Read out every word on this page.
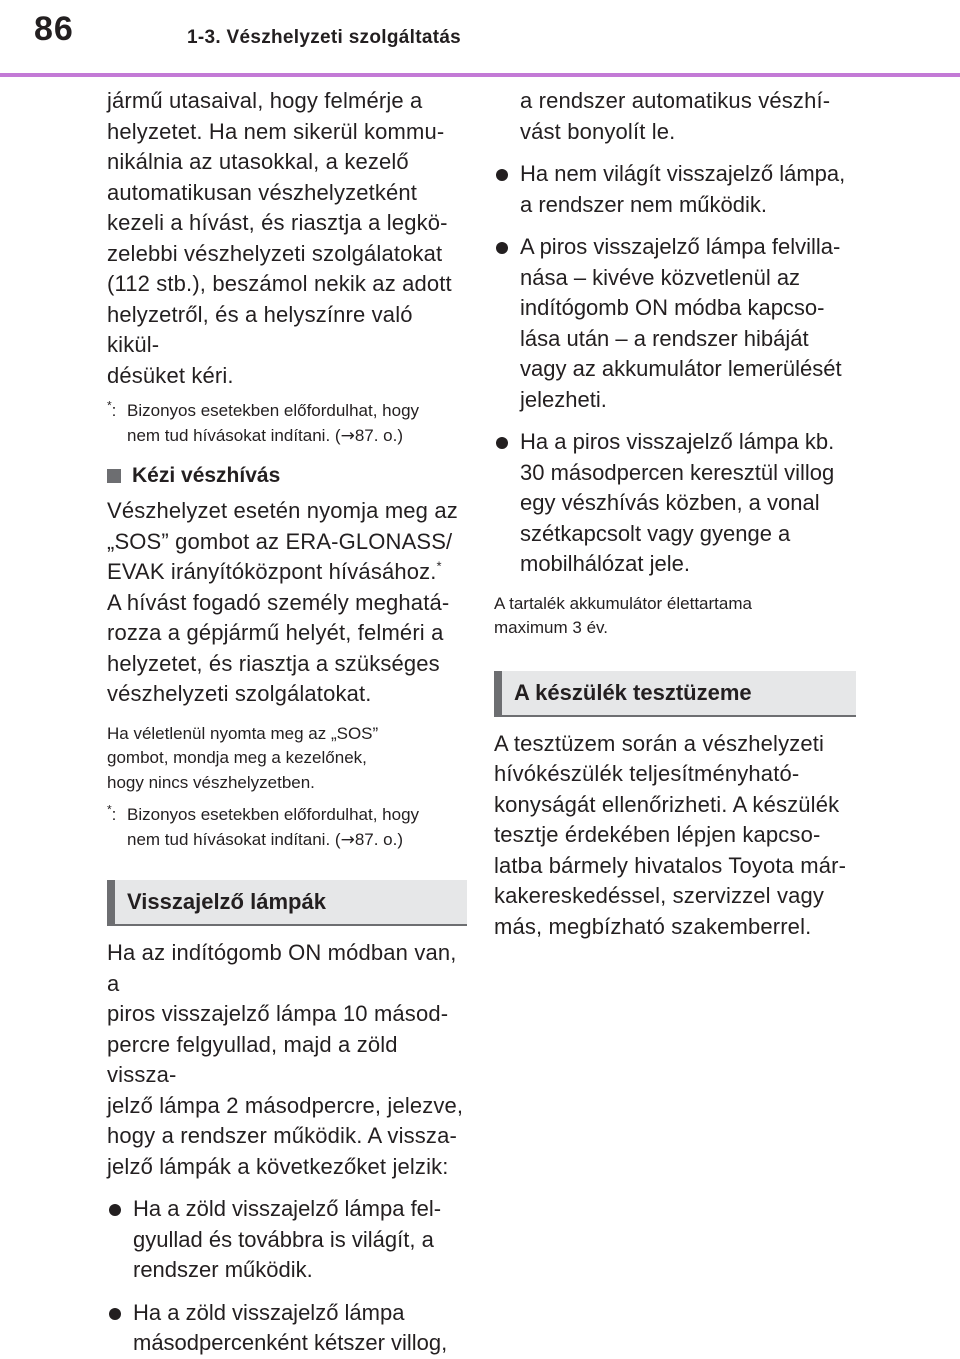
86	1-3. Vészhelyzeti szolgáltatás

jármű utasaival, hogy felmérje a
helyzetet. Ha nem sikerül kommu-
nikálnia az utasokkal, a kezelő
automatikusan vészhelyzetként
kezeli a hívást, és riasztja a legkö-
zelebbi vészhelyzeti szolgálatokat
(112 stb.), beszámol nekik az adott
helyzetről, és a helyszínre való kikül-
désüket kéri.

*: Bizonyos esetekben előfordulhat, hogy
nem tud hívásokat indítani. (→87. o.)
Kézi vészhívás

Vészhelyzet esetén nyomja meg az
„SOS” gombot az ERA-GLONASS/
EVAK irányítóközpont hívásához.*
A hívást fogadó személy meghatá-
rozza a gépjármű helyét, felméri a
helyzetet, és riasztja a szükséges
vészhelyzeti szolgálatokat.

Ha véletlenül nyomta meg az „SOS”
gombot, mondja meg a kezelőnek,
hogy nincs vészhelyzetben.

*: Bizonyos esetekben előfordulhat, hogy
nem tud hívásokat indítani. (→87. o.)
Visszajelző lámpák

Ha az indítógomb ON módban van, a
piros visszajelző lámpa 10 másod-
percre felgyullad, majd a zöld vissza-
jelző lámpa 2 másodpercre, jelezve,
hogy a rendszer működik. A vissza-
jelző lámpák a következőket jelzik:

Ha a zöld visszajelző lámpa fel-
gyullad és továbbra is világít, a
rendszer működik.
Ha a zöld visszajelző lámpa
másodpercenként kétszer villog,

a rendszer automatikus vészhí-
vást bonyolít le.

Ha nem világít visszajelző lámpa,
a rendszer nem működik.
A piros visszajelző lámpa felvilla-
nása – kivéve közvetlenül az
indítógomb ON módba kapcso-
lása után – a rendszer hibáját
vagy az akkumulátor lemerülését
jelezheti.
Ha a piros visszajelző lámpa kb.
30 másodpercen keresztül villog
egy vészhívás közben, a vonal
szétkapcsolt vagy gyenge a
mobilhálózat jele.

A tartalék akkumulátor élettartama
maximum 3 év.

A készülék tesztüzeme

A tesztüzem során a vészhelyzeti
hívókészülék teljesítményható-
konyságát ellenőrizheti. A készülék
tesztje érdekében lépjen kapcso-
latba bármely hivatalos Toyota már-
kakereskedéssel, szervizzel vagy
más, megbízható szakemberrel.
